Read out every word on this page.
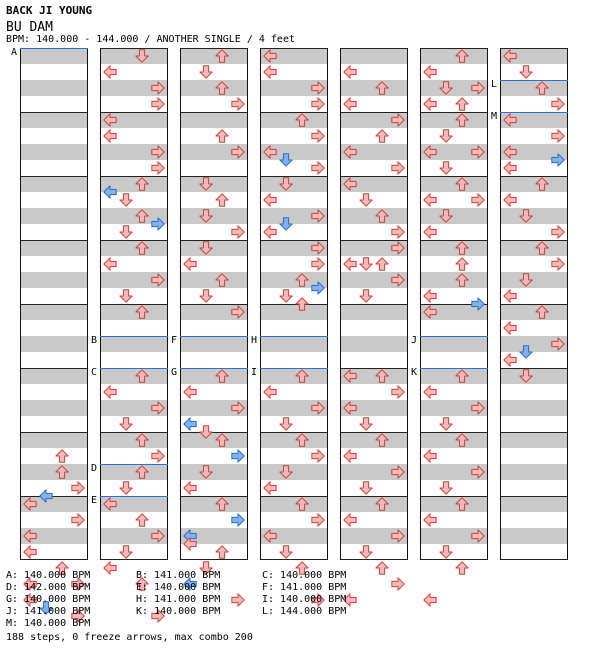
BACK JI YOUNG
BU DAM
BPM: 140.000 - 144.000 / ANOTHER SINGLE / 4 feet
A
B
C
D
E
F
G
H
I
J
K
L
M
A: 140.000 BPM	B: 141.000 BPM	C: 140.000 BPM
D: 142.000 BPM	E: 140.000 BPM	F: 141.000 BPM
G: 140.000 BPM	H: 141.000 BPM	I: 140.000 BPM
J: 141.000 BPM	K: 140.000 BPM	L: 144.000 BPM
M: 140.000 BPM
188 steps, 0 freeze arrows, max combo 200
